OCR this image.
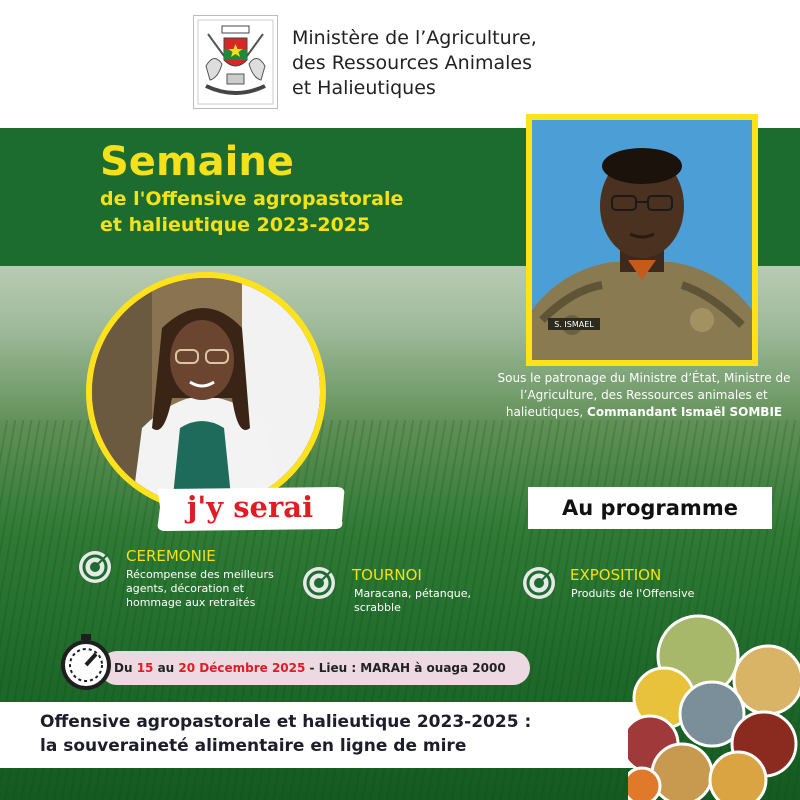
Ministère de l’Agriculture,
des Ressources Animales
et Halieutiques
Semaine

de l'Offensive agropastorale
et halieutique 2023-2025

S. ISMAEL

Sous le patronage du Ministre d’État, Ministre de l’Agriculture, des Ressources animales et halieutiques, Commandant Ismaël SOMBIE

j'y serai	Au programme

CEREMONIE

Récompense des meilleurs
agents, décoration et
hommage aux retraités

TOURNOI

Maracana, pétanque,
scrabble

EXPOSITION

Produits de l'Offensive

Du 15 au 20 Décembre 2025 - Lieu : MARAH à ouaga 2000

Offensive agropastorale et halieutique 2023-2025 :
la souveraineté alimentaire en ligne de mire
